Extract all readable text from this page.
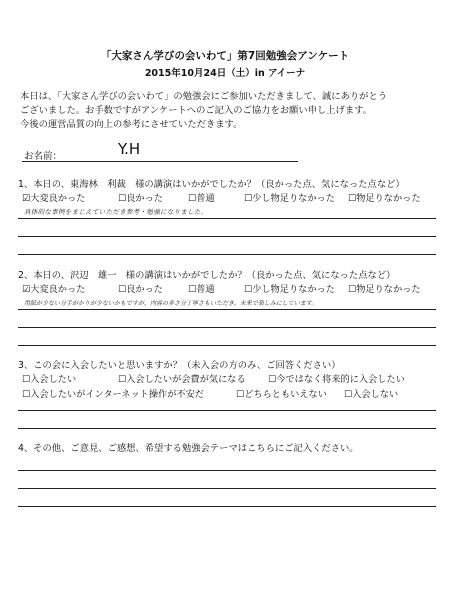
「大家さん学びの会いわて」第7回勉強会アンケート
2015年10月24日（土）in アイーナ
本日は、「大家さん学びの会いわて」の勉強会にご参加いただきまして、誠にありがとう
ございました。お手数ですがアンケートへのご記入のご協力をお願い申し上げます。
今後の運営品質の向上の参考にさせていただきます。
お名前：	Y.H
1、本日の、東海林　利裁　様の講演はいかがでしたか？（良かった点、気になった点など）
☑大変良かった	☐良かった	☐普通	☐少し物足りなかった ☐物足りなかった
具体的な事例をまじえていただき参考・勉強になりました。
2、本日の、沢辺　雄一　様の講演はいかがでしたか？（良かった点、気になった点など）
☑大変良かった	☐良かった	☐普通	☐少し物足りなかった ☐物足りなかった
用紙が少ない分手がかりが少ないかもですが、内容の多さ分丁寧さもいただき、未来で楽しみにしています。
3、この会に入会したいと思いますか？（未入会の方のみ、ご回答ください）
☐入会したい	☐入会したいが会費が気になる ☐今ではなく将来的に入会したい
☐入会したいがインターネット操作が不安だ	☐どちらともいえない ☐入会しない
4、その他、ご意見、ご感想、希望する勉強会テーマはこちらにご記入ください。
